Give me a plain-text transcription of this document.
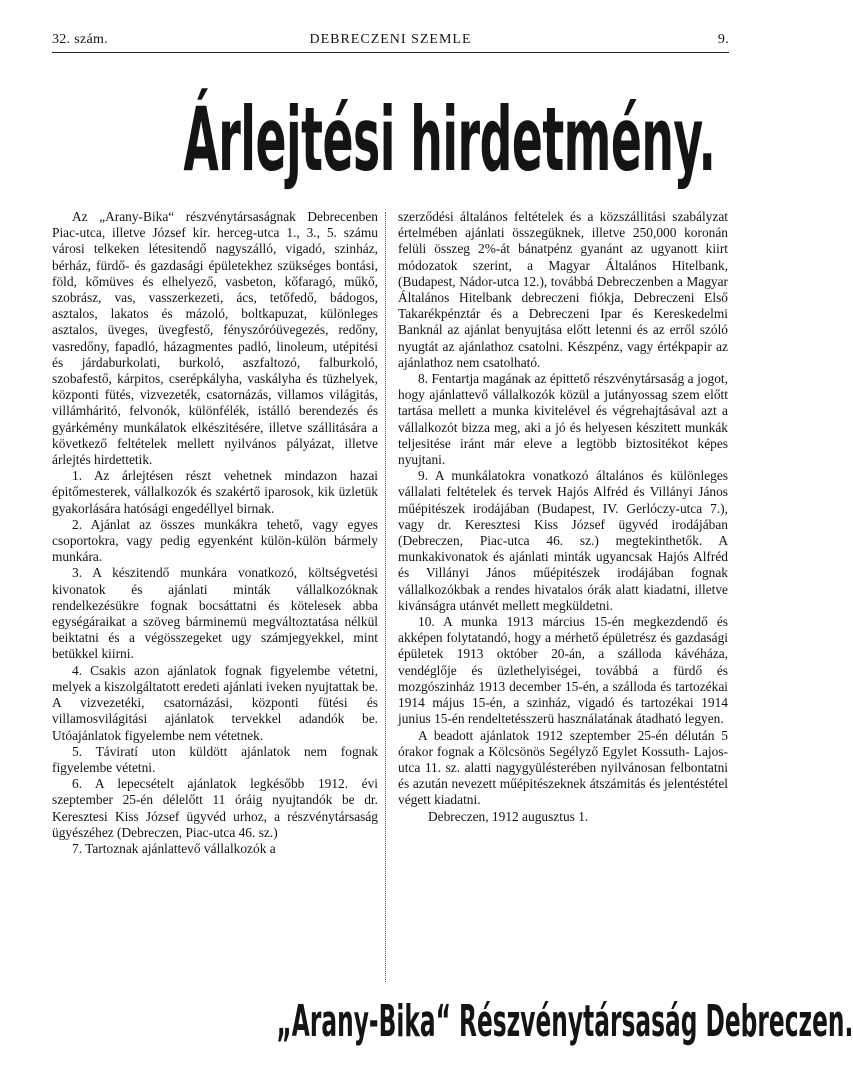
32. szám.	DEBRECZENI SZEMLE	9.
Árlejtési hirdetmény.

Az „Arany-Bika“ részvénytársaságnak Debrecenben Piac-utca, illetve József kir. herceg-utca 1., 3., 5. számu városi telkeken létesitendő nagyszálló, vigadó, szinház, bérház, fürdő- és gazdasági épületekhez szükséges bontási, föld, kőmüves és elhelyező, vasbeton, kőfaragó, műkő, szobrász, vas, vasszerkezeti, ács, tetőfedő, bádogos, asztalos, lakatos és mázoló, boltkapuzat, különleges asztalos, üveges, üvegfestő, fényszóróüvegezés, redőny, vasredőny, fapadló, házagmentes padló, linoleum, utépitési és járdaburkolati, burkoló, aszfaltozó, falburkoló, szobafestő, kárpitos, cserépkályha, vaskályha és tüzhelyek, központi fütés, vizvezeték, csatornázás, villamos világitás, villámháritó, felvonók, különfélék, istálló berendezés és gyárkémény munkálatok elkészitésére, illetve szállitására a következő feltételek mellett nyilvános pályázat, illetve árlejtés hirdettetik.

1. Az árlejtésen részt vehetnek mindazon hazai épitőmesterek, vállalkozók és szakértő iparosok, kik üzletük gyakorlására hatósági engedéllyel birnak.

2. Ajánlat az összes munkákra tehető, vagy egyes csoportokra, vagy pedig egyenként külön-külön bármely munkára.

3. A készitendő munkára vonatkozó, költségvetési kivonatok és ajánlati minták vállalkozóknak rendelkezésükre fognak bocsáttatni és kötelesek abba egységáraikat a szöveg bárminemü megváltoztatása nélkül beiktatni és a végösszegeket ugy számjegyekkel, mint betükkel kiirni.

4. Csakis azon ajánlatok fognak figyelembe vétetni, melyek a kiszolgáltatott eredeti ajánlati iveken nyujtattak be. A vizvezetéki, csatornázási, központi fütési és villamosvilágitási ajánlatok tervekkel adandók be. Utóajánlatok figyelembe nem vétetnek.

5. Táviratí uton küldött ajánlatok nem fognak figyelembe vétetni.

6. A lepecsételt ajánlatok legkésőbb 1912. évi szeptember 25-én délelőtt 11 óráig nyujtandók be dr. Keresztesi Kiss József ügyvéd urhoz, a részvénytársaság ügyészéhez (Debreczen, Piac-utca 46. sz.)

7. Tartoznak ajánlattevő vállalkozók a

szerződési általános feltételek és a közszállitási szabályzat értelmében ajánlati összegüknek, illetve 250,000 koronán felüli összeg 2%-át bánatpénz gyanánt az ugyanott kiirt módozatok szerint, a Magyar Általános Hitelbank, (Budapest, Nádor-utca 12.), továbbá Debreczenben a Magyar Általános Hitelbank debreczeni fiókja, Debreczeni Első Takarékpénztár és a Debreczeni Ipar és Kereskedelmi Banknál az ajánlat benyujtása előtt letenni és az erről szóló nyugtát az ajánlathoz csatolni. Készpénz, vagy értékpapir az ajánlathoz nem csatolható.

8. Fentartja magának az épittető részvénytársaság a jogot, hogy ajánlattevő vállalkozók közül a jutányossag szem előtt tartása mellett a munka kivitelével és végrehajtásával azt a vállalkozót bizza meg, aki a jó és helyesen készitett munkák teljesitése iránt már eleve a legtöbb biztositékot képes nyujtani.

9. A munkálatokra vonatkozó általános és különleges vállalati feltételek és tervek Hajós Alfréd és Villányi János műépitészek irodájában (Budapest, IV. Gerlóczy-utca 7.), vagy dr. Keresztesi Kiss József ügyvéd irodájában (Debreczen, Piac-utca 46. sz.) megtekinthetők. A munkakivonatok és ajánlati minták ugyancsak Hajós Alfréd és Villányi János műépitészek irodájában fognak vállalkozókbak a rendes hivatalos órák alatt kiadatni, illetve kivánságra utánvét mellett megküldetni.

10. A munka 1913 március 15-én megkezdendő és akképen folytatandó, hogy a mérhető épületrész és gazdasági épületek 1913 október 20-án, a szálloda kávéháza, vendéglője és üzlethelyiségei, továbbá a fürdő és mozgószinház 1913 december 15-én, a szálloda és tartozékai 1914 május 15-én, a szinház, vigadó és tartozékai 1914 junius 15-én rendeltetésszerü használatának átadható legyen.

A beadott ajánlatok 1912 szeptember 25-én délután 5 órakor fognak a Kölcsönös Segélyző Egylet Kossuth- Lajos-utca 11. sz. alatti nagygyülésterében nyilvánosan felbontatni és azután nevezett műépitészeknek átszámitás és jelentéstétel végett kiadatni.

Debreczen, 1912 augusztus 1.

„Arany-Bika“ Részvénytársaság Debreczen.
